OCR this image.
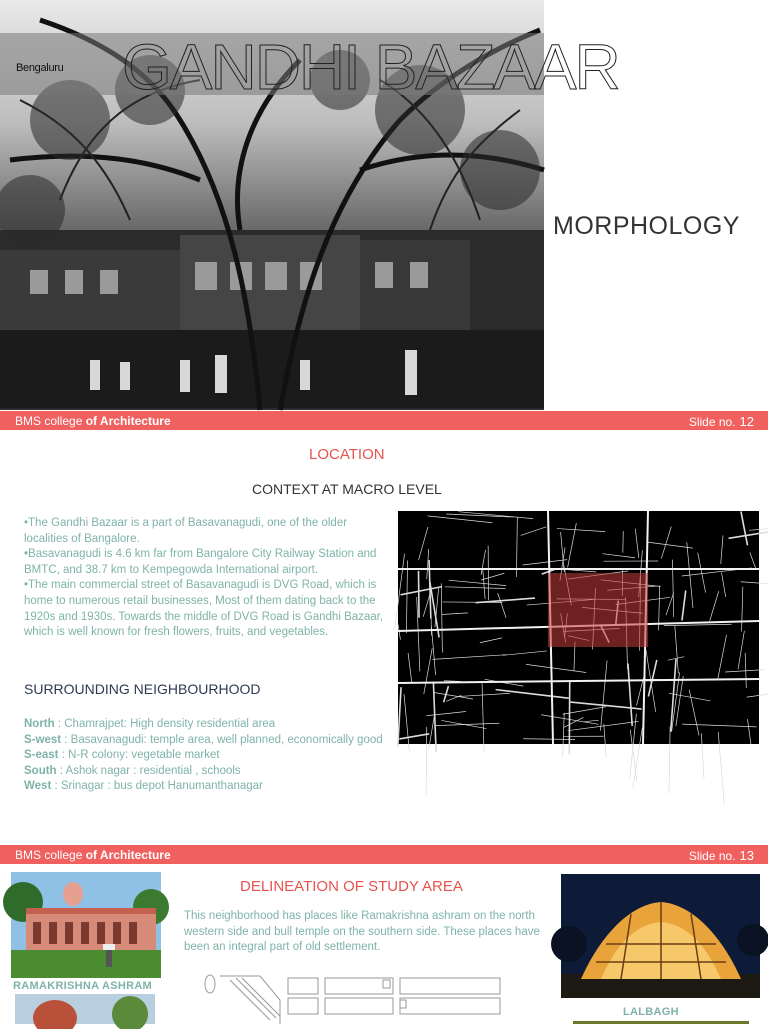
Bengaluru GANDHI BAZAAR
MORPHOLOGY
BMS college of Architecture	Slide no. 12
LOCATION
CONTEXT AT MACRO LEVEL

•The Gandhi Bazaar is a part of Basavanagudi, one of the older localities of Bangalore.

•Basavanagudi is 4.6 km far from Bangalore City Railway Station and BMTC, and 38.7 km to Kempegowda International airport.

•The main commercial street of Basavanagudi is DVG Road, which is home to numerous retail businesses, Most of them dating back to the 1920s and 1930s. Towards the middle of DVG Road is Gandhi Bazaar, which is well known for fresh flowers, fruits, and vegetables.

SURROUNDING NEIGHBOURHOOD
North : Chamrajpet: High density residential area
S-west : Basavanagudi: temple area, well planned, economically good
S-east : N-R colony: vegetable market
South : Ashok nagar : residential , schools
West : Srinagar : bus depot Hanumanthanagar
BMS college of Architecture	Slide no. 13
RAMAKRISHNA ASHRAM
DELINEATION OF STUDY AREA
This neighborhood has places like Ramakrishna ashram on the north western side and bull temple on the southern side. These places have been an integral part of old settlement.
LALBAGH
